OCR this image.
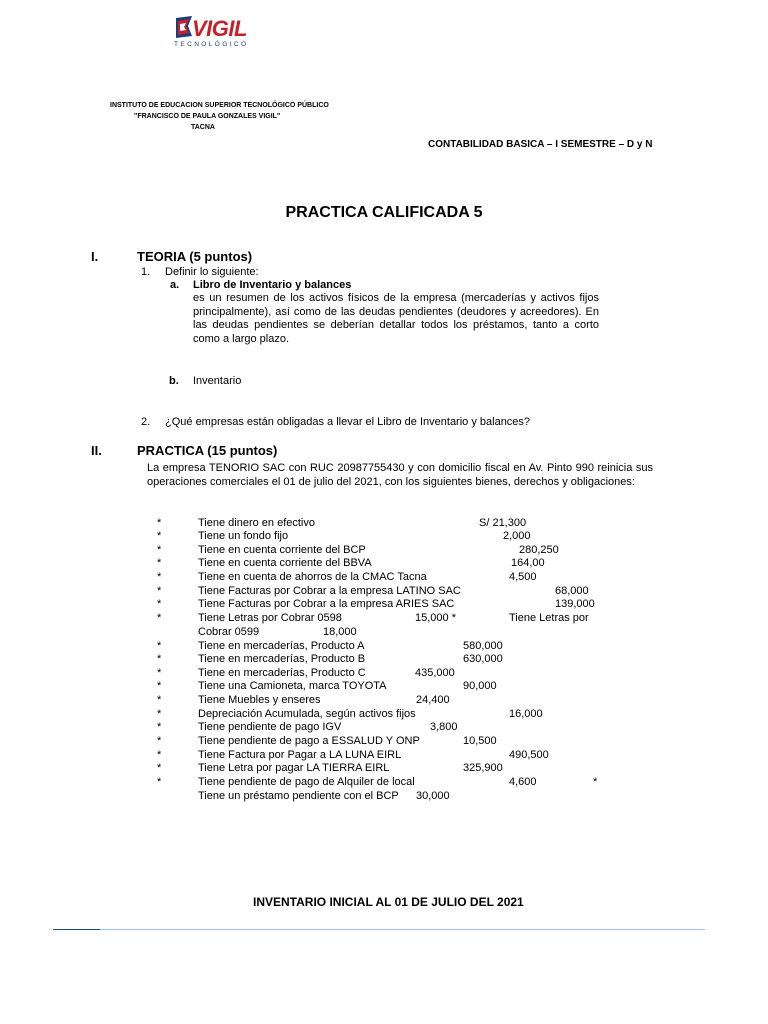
VIGIL
TECNOLÓGICO
INSTITUTO DE EDUCACION SUPERIOR TECNOLÓGICO PÚBLICO
"FRANCISCO DE PAULA GONZALES VIGIL"
TACNA
CONTABILIDAD BASICA – I SEMESTRE – D y N
PRACTICA CALIFICADA 5
I.	TEORIA (5 puntos)
1. Definir lo siguiente:
a. Libro de Inventario y balances
es un resumen de los activos físicos de la empresa (mercaderías y activos fijos principalmente), así como de las deudas pendientes (deudores y acreedores). En las deudas pendientes se deberían detallar todos los préstamos, tanto a corto como a largo plazo.
b. Inventario
2. ¿Qué empresas están obligadas a llevar el Libro de Inventario y balances?
II.	PRACTICA (15 puntos)
La empresa TENORIO SAC con RUC 20987755430 y con domicilio fiscal en Av. Pinto 990 reinicia sus operaciones comerciales el 01 de julio del 2021, con los siguientes bienes, derechos y obligaciones:
*	Tiene dinero en efectivo	S/ 21,300
*	Tiene un fondo fijo	2,000
*	Tiene en cuenta corriente del BCP	280,250
*	Tiene en cuenta corriente del BBVA	164,00
*	Tiene en cuenta de ahorros de la CMAC Tacna	4,500
*	Tiene Facturas por Cobrar a la empresa LATINO SAC	68,000
*	Tiene Facturas por Cobrar a la empresa ARIES SAC	139,000
*	Tiene Letras por Cobrar 0598	15,000 *	Tiene Letras por
Cobrar 0599	18,000
*	Tiene en mercaderías, Producto A	580,000
*	Tiene en mercaderías, Producto B	630,000
*	Tiene en mercaderías, Producto C	435,000
*	Tiene una Camioneta, marca TOYOTA	90,000
*	Tiene Muebles y enseres	24,400
*	Depreciación Acumulada, según activos fijos	16,000
*	Tiene pendiente de pago IGV	3,800
*	Tiene pendiente de pago a ESSALUD Y ONP	10,500
*	Tiene Factura por Pagar a LA LUNA EIRL	490,500
*	Tiene Letra por pagar LA TIERRA EIRL	325,900
*	Tiene pendiente de pago de Alquiler de local	4,600	*
Tiene un préstamo pendiente con el BCP 30,000
INVENTARIO INICIAL AL 01 DE JULIO DEL 2021
